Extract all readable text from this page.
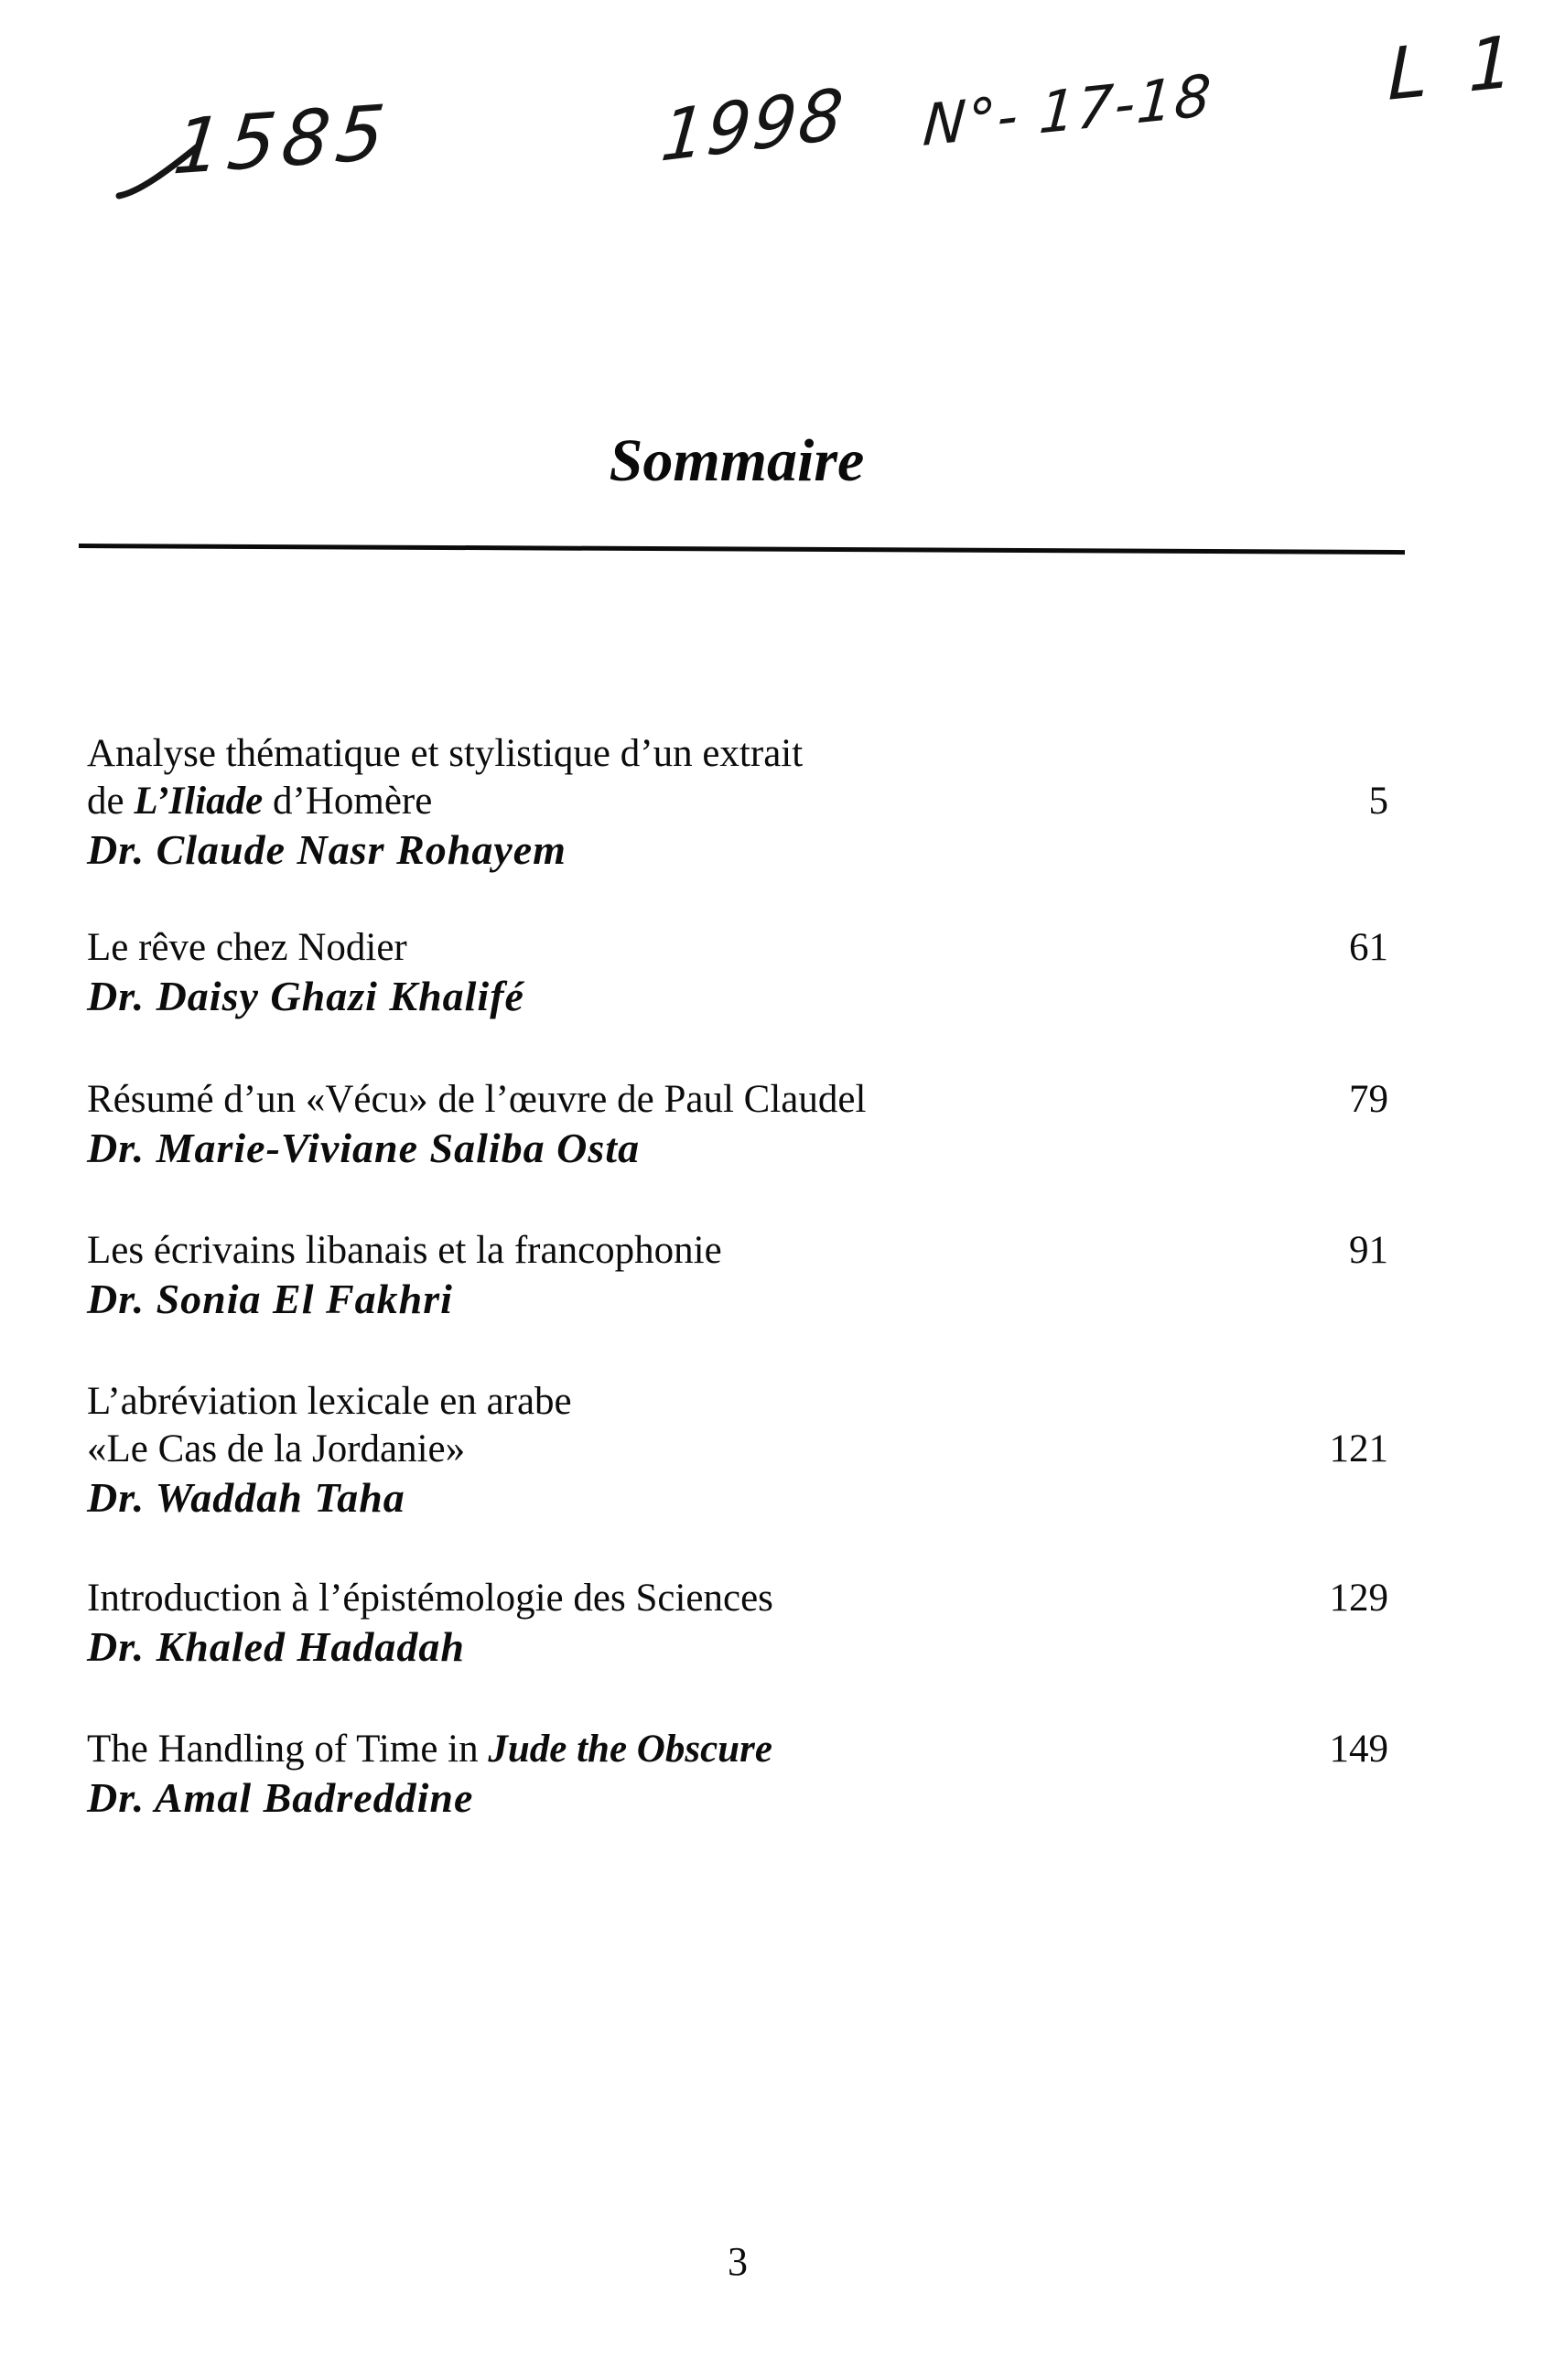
1585	1998 N°- 17-18 L 1
Sommaire
Analyse thématique et stylistique d’un extrait
de L’Iliade d’Homère	5
Dr. Claude Nasr Rohayem
Le rêve chez Nodier	61
Dr. Daisy Ghazi Khalifé
Résumé d’un «Vécu» de l’œuvre de Paul Claudel	79
Dr. Marie-Viviane Saliba Osta
Les écrivains libanais et la francophonie	91
Dr. Sonia El Fakhri
L’abréviation lexicale en arabe
«Le Cas de la Jordanie»	121
Dr. Waddah Taha
Introduction à l’épistémologie des Sciences	129
Dr. Khaled Hadadah
The Handling of Time in Jude the Obscure	149
Dr. Amal Badreddine
3
